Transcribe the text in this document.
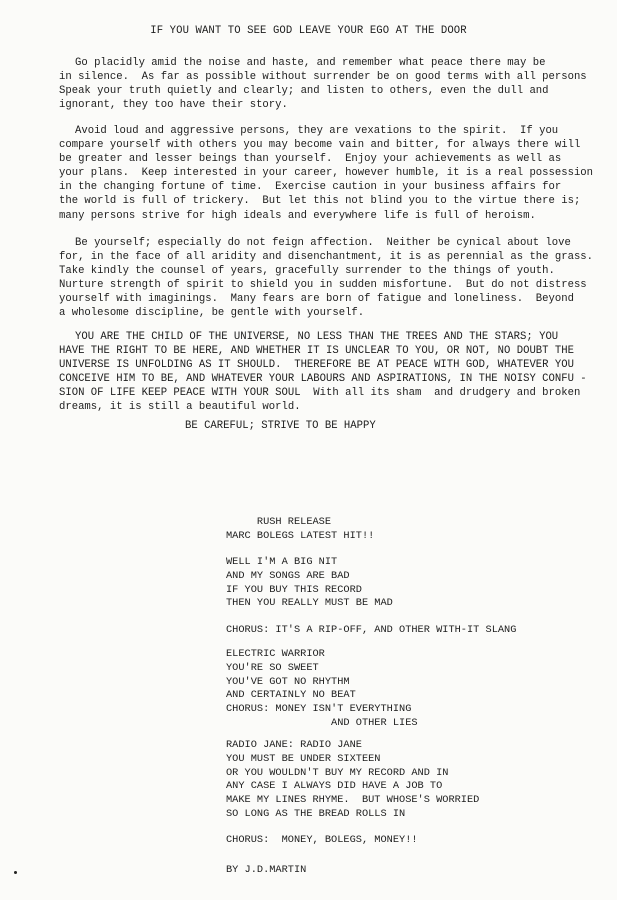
IF YOU WANT TO SEE GOD LEAVE YOUR EGO AT THE DOOR

Go placidly amid the noise and haste, and remember what peace there may be
in silence.  As far as possible without surrender be on good terms with all persons
Speak your truth quietly and clearly; and listen to others, even the dull and
ignorant, they too have their story.

Avoid loud and aggressive persons, they are vexations to the spirit.  If you
compare yourself with others you may become vain and bitter, for always there will
be greater and lesser beings than yourself.  Enjoy your achievements as well as
your plans.  Keep interested in your career, however humble, it is a real possession
in the changing fortune of time.  Exercise caution in your business affairs for
the world is full of trickery.  But let this not blind you to the virtue there is;
many persons strive for high ideals and everywhere life is full of heroism.

Be yourself; especially do not feign affection.  Neither be cynical about love
for, in the face of all aridity and disenchantment, it is as perennial as the grass.
Take kindly the counsel of years, gracefully surrender to the things of youth.
Nurture strength of spirit to shield you in sudden misfortune.  But do not distress
yourself with imaginings.  Many fears are born of fatigue and loneliness.  Beyond
a wholesome discipline, be gentle with yourself.

YOU ARE THE CHILD OF THE UNIVERSE, NO LESS THAN THE TREES AND THE STARS; YOU
HAVE THE RIGHT TO BE HERE, AND WHETHER IT IS UNCLEAR TO YOU, OR NOT, NO DOUBT THE
UNIVERSE IS UNFOLDING AS IT SHOULD.  THEREFORE BE AT PEACE WITH GOD, WHATEVER YOU
CONCEIVE HIM TO BE, AND WHATEVER YOUR LABOURS AND ASPIRATIONS, IN THE NOISY CONFU -
SION OF LIFE KEEP PEACE WITH YOUR SOUL  With all its sham  and drudgery and broken
dreams, it is still a beautiful world.

BE CAREFUL; STRIVE TO BE HAPPY
RUSH RELEASE
MARC BOLEGS LATEST HIT!!
WELL I'M A BIG NIT
AND MY SONGS ARE BAD
IF YOU BUY THIS RECORD
THEN YOU REALLY MUST BE MAD
CHORUS: IT'S A RIP-OFF, AND OTHER WITH-IT SLANG
ELECTRIC WARRIOR
YOU'RE SO SWEET
YOU'VE GOT NO RHYTHM
AND CERTAINLY NO BEAT
CHORUS: MONEY ISN'T EVERYTHING
AND OTHER LIES
RADIO JANE: RADIO JANE
YOU MUST BE UNDER SIXTEEN
OR YOU WOULDN'T BUY MY RECORD AND IN
ANY CASE I ALWAYS DID HAVE A JOB TO
MAKE MY LINES RHYME.  BUT WHOSE'S WORRIED
SO LONG AS THE BREAD ROLLS IN
CHORUS:  MONEY, BOLEGS, MONEY!!
BY J.D.MARTIN
